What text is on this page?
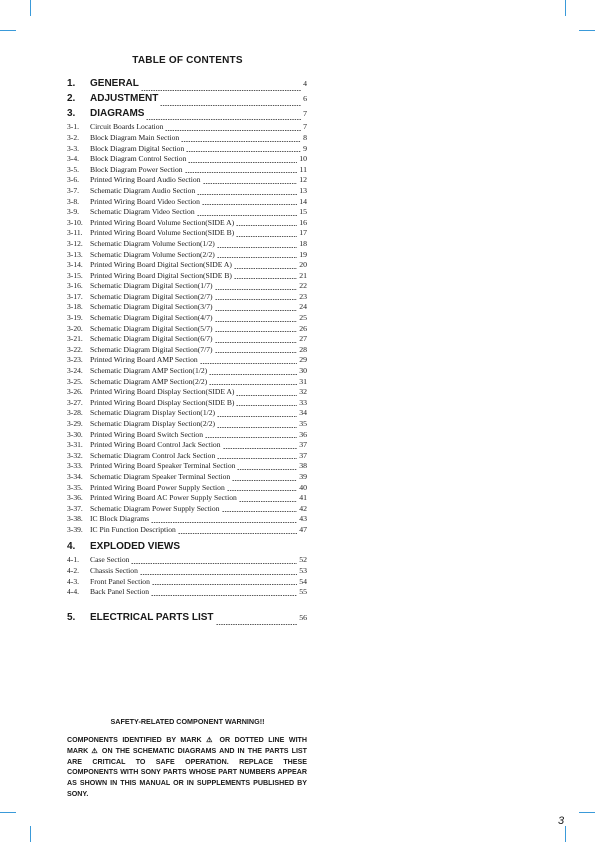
TABLE OF CONTENTS
1.	GENERAL	4
2.	ADJUSTMENT	6
3.	DIAGRAMS	7
3-1.	Circuit Boards Location	7
3-2.	Block Diagram Main Section	8
3-3.	Block Diagram Digital Section	9
3-4.	Block Diagram Control Section	10
3-5.	Block Diagram Power Section	11
3-6.	Printed Wiring Board Audio Section	12
3-7.	Schematic Diagram Audio Section	13
3-8.	Printed Wiring Board Video Section	14
3-9.	Schematic Diagram Video Section	15
3-10. Printed Wiring Board Volume Section(SIDE A)	16
3-11. Printed Wiring Board Volume Section(SIDE B)	17
3-12. Schematic Diagram Volume Section(1/2)	18
3-13. Schematic Diagram Volume Section(2/2)	19
3-14. Printed Wiring Board Digital Section(SIDE A)	20
3-15. Printed Wiring Board Digital Section(SIDE B)	21
3-16. Schematic Diagram Digital Section(1/7)	22
3-17. Schematic Diagram Digital Section(2/7)	23
3-18. Schematic Diagram Digital Section(3/7)	24
3-19. Schematic Diagram Digital Section(4/7)	25
3-20. Schematic Diagram Digital Section(5/7)	26
3-21. Schematic Diagram Digital Section(6/7)	27
3-22. Schematic Diagram Digital Section(7/7)	28
3-23. Printed Wiring Board AMP Section	29
3-24. Schematic Diagram AMP Section(1/2)	30
3-25. Schematic Diagram AMP Section(2/2)	31
3-26. Printed Wiring Board Display Section(SIDE A)	32
3-27. Printed Wiring Board Display Section(SIDE B)	33
3-28. Schematic Diagram Display Section(1/2)	34
3-29. Schematic Diagram Display Section(2/2)	35
3-30. Printed Wiring Board Switch Section	36
3-31. Printed Wiring Board Control Jack Section	37
3-32. Schematic Diagram Control Jack Section	37
3-33. Printed Wiring Board Speaker Terminal Section	38
3-34. Schematic Diagram Speaker Terminal Section	39
3-35. Printed Wiring Board Power Supply Section	40
3-36. Printed Wiring Board AC Power Supply Section	41
3-37. Schematic Diagram Power Supply Section	42
3-38. IC Block Diagrams	43
3-39. IC Pin Function Description	47
4.	EXPLODED VIEWS
4-1.	Case Section	52
4-2.	Chassis Section	53
4-3.	Front Panel Section	54
4-4.	Back Panel Section	55
5.	ELECTRICAL PARTS LIST	56
SAFETY-RELATED COMPONENT WARNING!!
COMPONENTS IDENTIFIED BY MARK ⚠ OR DOTTED LINE WITH MARK ⚠ ON THE SCHEMATIC DIAGRAMS AND IN THE PARTS LIST ARE CRITICAL TO SAFE OPERATION. REPLACE THESE COMPONENTS WITH SONY PARTS WHOSE PART NUMBERS APPEAR AS SHOWN IN THIS MANUAL OR IN SUPPLEMENTS PUBLISHED BY SONY.
3
